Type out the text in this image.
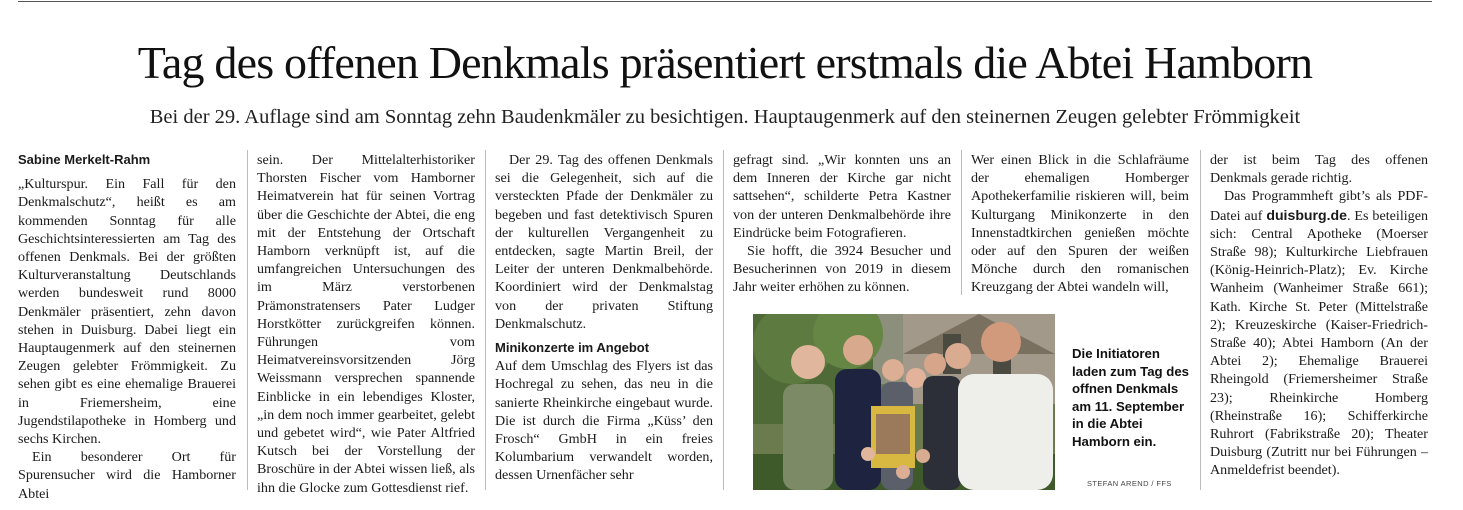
Tag des offenen Denkmals präsentiert erstmals die Abtei Hamborn
Bei der 29. Auflage sind am Sonntag zehn Baudenkmäler zu besichtigen. Hauptaugenmerk auf den steinernen Zeugen gelebter Frömmigkeit

Sabine Merkelt-Rahm

„Kulturspur. Ein Fall für den Denkmalschutz“, heißt es am kommenden Sonntag für alle Geschichtsinteressierten am Tag des offenen Denkmals. Bei der größten Kulturveranstaltung Deutschlands werden bundesweit rund 8000 Denkmäler präsentiert, zehn davon stehen in Duisburg. Dabei liegt ein Hauptaugenmerk auf den steinernen Zeugen gelebter Frömmigkeit. Zu sehen gibt es eine ehemalige Brauerei in Friemersheim, eine Jugendstilapotheke in Homberg und sechs Kirchen.

Ein besonderer Ort für Spurensucher wird die Hamborner Abtei

sein. Der Mittelalterhistoriker Thorsten Fischer vom Hamborner Heimatverein hat für seinen Vortrag über die Geschichte der Abtei, die eng mit der Entstehung der Ortschaft Hamborn verknüpft ist, auf die umfangreichen Untersuchungen des im März verstorbenen Prämonstratensers Pater Ludger Horstkötter zurückgreifen können. Führungen vom Heimatvereinsvorsitzenden Jörg Weissmann versprechen spannende Einblicke in ein lebendiges Kloster, „in dem noch immer gearbeitet, gelebt und gebetet wird“, wie Pater Altfried Kutsch bei der Vorstellung der Broschüre in der Abtei wissen ließ, als ihn die Glocke zum Gottesdienst rief.

Der 29. Tag des offenen Denkmals sei die Gelegenheit, sich auf die versteckten Pfade der Denkmäler zu begeben und fast detektivisch Spuren der kulturellen Vergangenheit zu entdecken, sagte Martin Breil, der Leiter der unteren Denkmalbehörde. Koordiniert wird der Denkmalstag von der privaten Stiftung Denkmalschutz.

Minikonzerte im Angebot

Auf dem Umschlag des Flyers ist das Hochregal zu sehen, das neu in die sanierte Rheinkirche eingebaut wurde. Die ist durch die Firma „Küss’ den Frosch“ GmbH in ein freies Kolumbarium verwandelt worden, dessen Urnenfächer sehr

gefragt sind. „Wir konnten uns an dem Inneren der Kirche gar nicht sattsehen“, schilderte Petra Kastner von der unteren Denkmalbehörde ihre Eindrücke beim Fotografieren.

Sie hofft, die 3924 Besucher und Besucherinnen von 2019 in diesem Jahr weiter erhöhen zu können.

Wer einen Blick in die Schlafräume der ehemaligen Homberger Apothekerfamilie riskieren will, beim Kulturgang Minikonzerte in den Innenstadtkirchen genießen möchte oder auf den Spuren der weißen Mönche durch den romanischen Kreuzgang der Abtei wandeln will,

der ist beim Tag des offenen Denkmals gerade richtig.

Das Programmheft gibt’s als PDF-Datei auf duisburg.de. Es beteiligen sich: Central Apotheke (Moerser Straße 98); Kulturkirche Liebfrauen (König-Heinrich-Platz); Ev. Kirche Wanheim (Wanheimer Straße 661); Kath. Kirche St. Peter (Mittelstraße 2); Kreuzeskirche (Kaiser-Friedrich-Straße 40); Abtei Hamborn (An der Abtei 2); Ehemalige Brauerei Rheingold (Friemersheimer Straße 23); Rheinkirche Homberg (Rheinstraße 16); Schifferkirche Ruhrort (Fabrikstraße 20); Theater Duisburg (Zutritt nur bei Führungen – Anmeldefrist beendet).

Die Initiatoren laden zum Tag des offnen Denkmals am 11. September in die Abtei Hamborn ein.
STEFAN AREND / FFS
